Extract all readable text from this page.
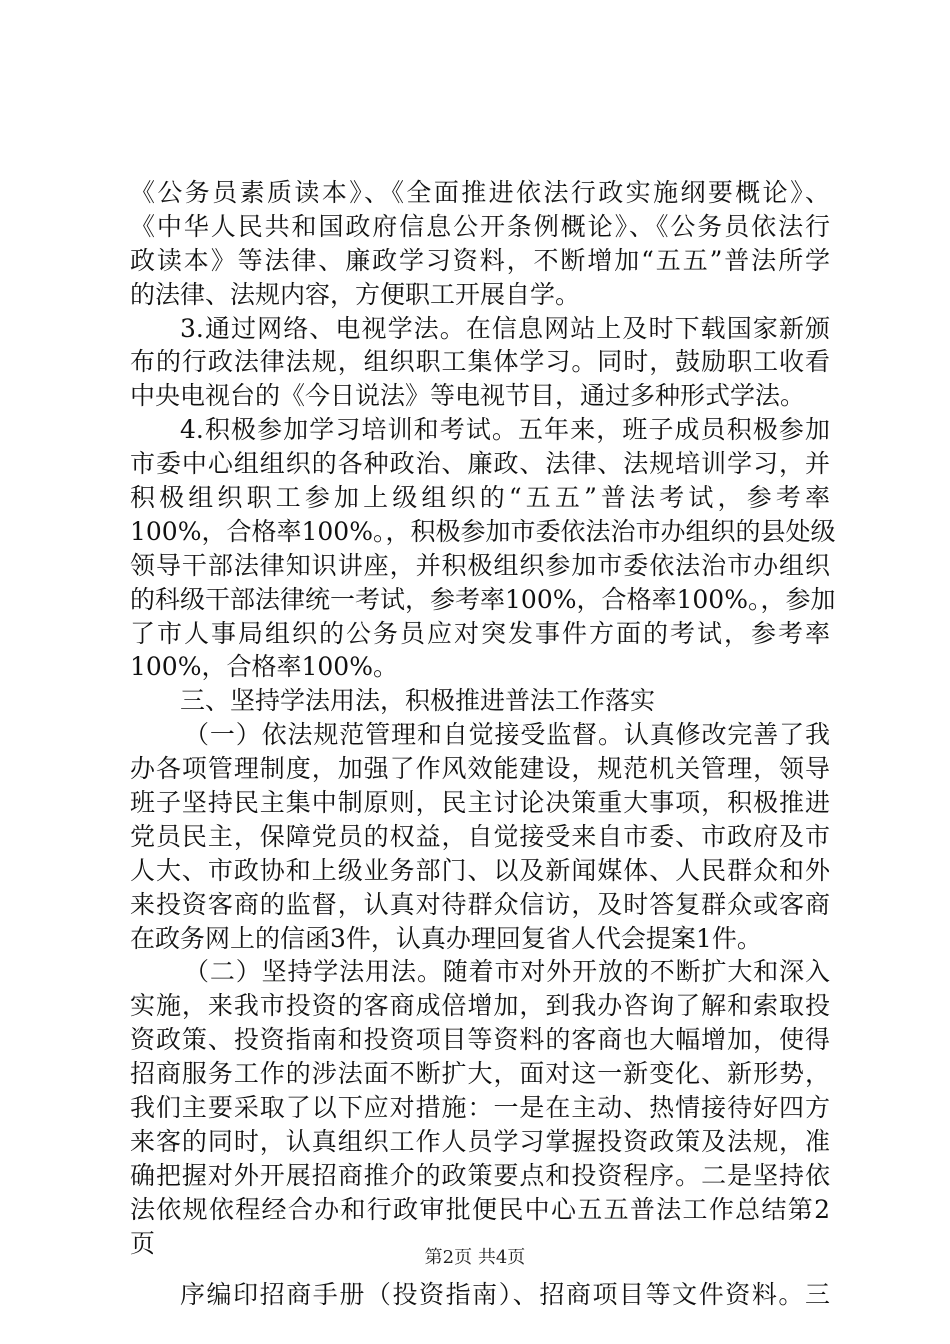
《公务员素质读本》、《全面推进依法行政实施纲要概论》、
《中华人民共和国政府信息公开条例概论》、《公务员依法行
政读本》等法律、廉政学习资料，不断增加“五五”普法所学
的法律、法规内容，方便职工开展自学。
3.通过网络、电视学法。在信息网站上及时下载国家新颁
布的行政法律法规，组织职工集体学习。同时，鼓励职工收看
中央电视台的《今日说法》等电视节目，通过多种形式学法。
4.积极参加学习培训和考试。五年来，班子成员积极参加
市委中心组组织的各种政治、廉政、法律、法规培训学习，并
积极组织职工参加上级组织的“五五”普法考试，参考率
100%，合格率100%。，积极参加市委依法治市办组织的县处级
领导干部法律知识讲座，并积极组织参加市委依法治市办组织
的科级干部法律统一考试，参考率100%，合格率100%。，参加
了市人事局组织的公务员应对突发事件方面的考试，参考率
100%，合格率100%。
三、坚持学法用法，积极推进普法工作落实
（一）依法规范管理和自觉接受监督。认真修改完善了我
办各项管理制度，加强了作风效能建设，规范机关管理，领导
班子坚持民主集中制原则，民主讨论决策重大事项，积极推进
党员民主，保障党员的权益，自觉接受来自市委、市政府及市
人大、市政协和上级业务部门、以及新闻媒体、人民群众和外
来投资客商的监督，认真对待群众信访，及时答复群众或客商
在政务网上的信函3件，认真办理回复省人代会提案1件。
（二）坚持学法用法。随着市对外开放的不断扩大和深入
实施，来我市投资的客商成倍增加，到我办咨询了解和索取投
资政策、投资指南和投资项目等资料的客商也大幅增加，使得
招商服务工作的涉法面不断扩大，面对这一新变化、新形势，
我们主要采取了以下应对措施：一是在主动、热情接待好四方
来客的同时，认真组织工作人员学习掌握投资政策及法规，准
确把握对外开展招商推介的政策要点和投资程序。二是坚持依
法依规依程经合办和行政审批便民中心五五普法工作总结第2
页
序编印招商手册（投资指南）、招商项目等文件资料。三
第2页 共4页
